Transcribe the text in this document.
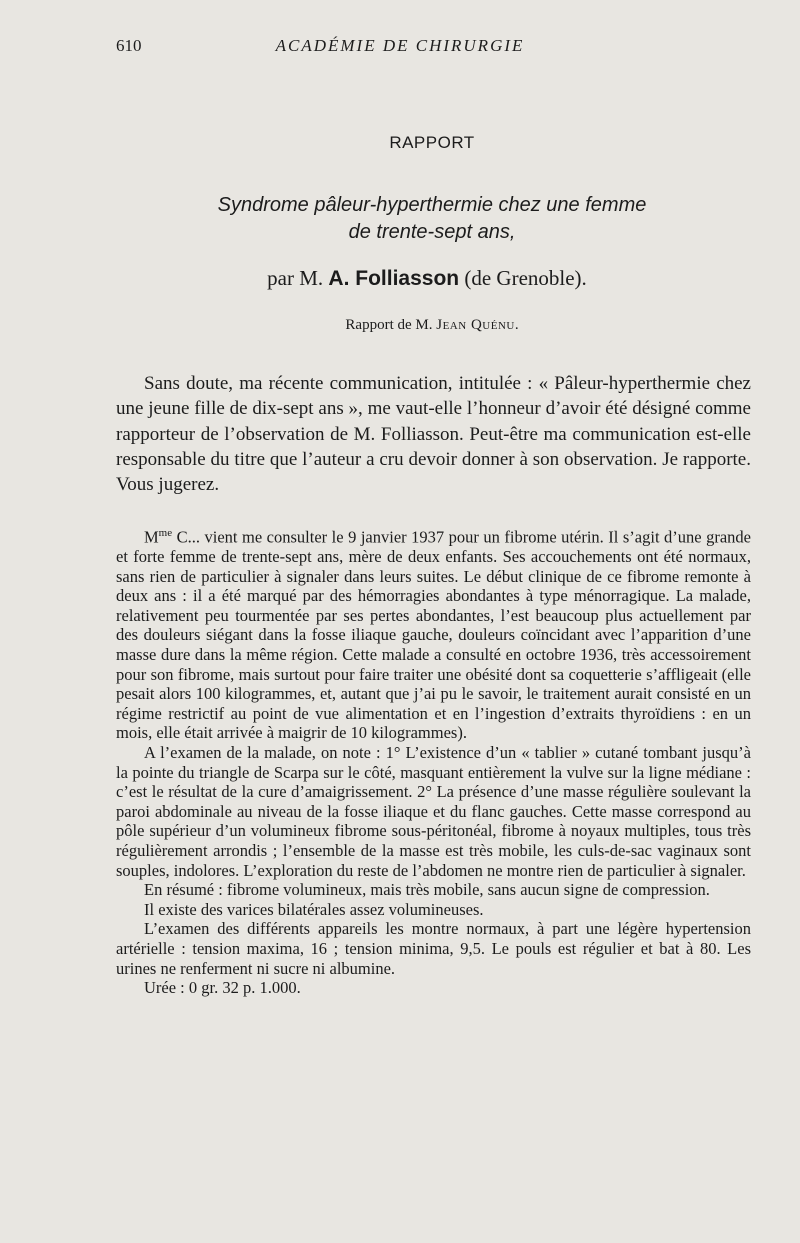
610	ACADÉMIE DE CHIRURGIE
RAPPORT
Syndrome pâleur-hyperthermie chez une femme
de trente-sept ans,
par M. A. Folliasson (de Grenoble).
Rapport de M. Jean Quénu.

Sans doute, ma récente communication, intitulée : « Pâleur-hyperthermie chez une jeune fille de dix-sept ans », me vaut-elle l’honneur d’avoir été désigné comme rapporteur de l’observation de M. Folliasson. Peut-être ma communication est-elle responsable du titre que l’auteur a cru devoir donner à son observation. Je rapporte. Vous jugerez.

$M^{me}$ C... vient me consulter le 9 janvier 1937 pour un fibrome utérin. Il s’agit d’une grande et forte femme de trente-sept ans, mère de deux enfants. Ses accouchements ont été normaux, sans rien de particulier à signaler dans leurs suites. Le début clinique de ce fibrome remonte à deux ans : il a été marqué par des hémorragies abondantes à type ménorragique. La malade, relativement peu tourmentée par ses pertes abondantes, l’est beaucoup plus actuellement par des douleurs siégant dans la fosse iliaque gauche, douleurs coïncidant avec l’apparition d’une masse dure dans la même région. Cette malade a consulté en octobre 1936, très accessoirement pour son fibrome, mais surtout pour faire traiter une obésité dont sa coquetterie s’affligeait (elle pesait alors 100 kilogrammes, et, autant que j’ai pu le savoir, le traitement aurait consisté en un régime restrictif au point de vue alimentation et en l’ingestion d’extraits thyroïdiens : en un mois, elle était arrivée à maigrir de 10 kilogrammes).

A l’examen de la malade, on note : 1° L’existence d’un « tablier » cutané tombant jusqu’à la pointe du triangle de Scarpa sur le côté, masquant entièrement la vulve sur la ligne médiane : c’est le résultat de la cure d’amaigrissement. 2° La présence d’une masse régulière soulevant la paroi abdominale au niveau de la fosse iliaque et du flanc gauches. Cette masse correspond au pôle supérieur d’un volumineux fibrome sous-péritonéal, fibrome à noyaux multiples, tous très régulièrement arrondis ; l’ensemble de la masse est très mobile, les culs-de-sac vaginaux sont souples, indolores. L’exploration du reste de l’abdomen ne montre rien de particulier à signaler.

En résumé : fibrome volumineux, mais très mobile, sans aucun signe de compression.

Il existe des varices bilatérales assez volumineuses.

L’examen des différents appareils les montre normaux, à part une légère hypertension artérielle : tension maxima, 16 ; tension minima, 9,5. Le pouls est régulier et bat à 80. Les urines ne renferment ni sucre ni albumine.

Urée : 0 gr. 32 p. 1.000.
